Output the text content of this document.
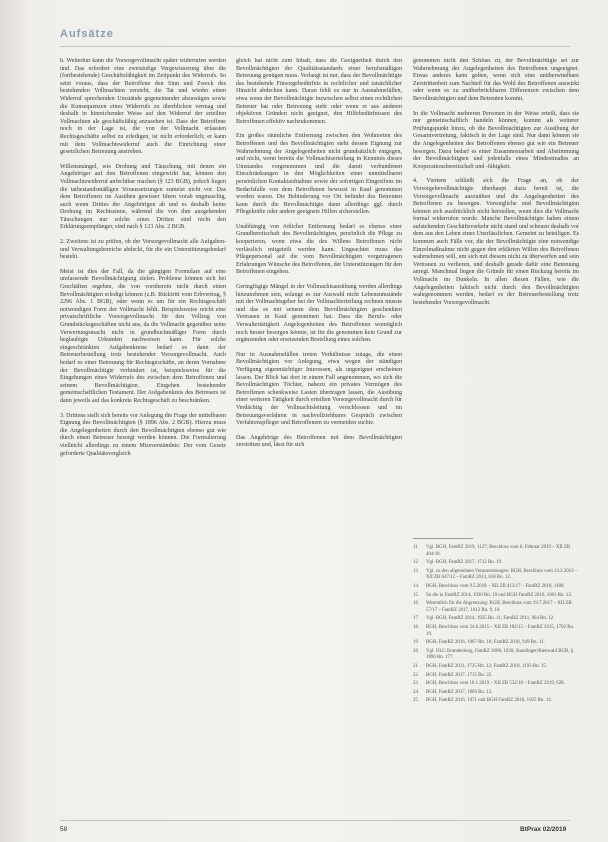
Aufsätze

b. Weiterhin kann die Vorsorgevollmacht später widerrufen werden und. Das erfordert eine zweistufige Vergewisserung über die (fortbestehende) Geschäftsfähigkeit im Zeitpunkt des Widerrufs. So setzt voraus, dass der Betroffene den Sinn und Zweck des bestehenden Vollmachten versteht, die Tat und wieder einen Widerruf sprechenden Umstände gegeneinander abzuwägen sowie die Konsequenzen eines Widerrufs zu überblicken vermag und deshalb in hinreichender Weise auf den Widerruf der erteilten Vollmachten als geschäftsfähig anzusehen ist. Dass der Betroffene noch in der Lage ist, die von der Vollmacht erfassten Rechtsgeschäfte selbst zu erledigen, ist nicht erforderlich; er kann mit dem Vollmachtswiderruf auch die Einrichtung einer gesetzlichen Betreuung anstreben.

Willensmängel, wie Drohung und Täuschung, mit denen ein Angehöriger auf den Betroffenen eingewirkt hat, können den Vollmachtswiderruf anfechtbar machen (§ 123 BGB), jedoch liegen die tatbestandsmäßigen Voraussetzungen zumeist nicht vor. Das dem Betroffenen im Ausüben gewisser Ideen vorab engmaschig, auch wenn Drittes der Angehörigen ab und es deshalb keine Drohung im Rechtssinne, während die von ihm ausgehenden Täuschungen nur solche eines Dritten sind nicht den Erklärungsempfänger, sind nach § 123 Abs. 2 BGB.

2. Zweitens ist zu prüfen, ob der Vorsorgevollmacht alle Aufgaben- und Verwaltungsbereiche abdeckt, für die ein Unterstützungsbedarf besteht.

Meist ist dies der Fall, da die gängigen Formulare auf eine umfassende Bevollmächtigung zielen. Probleme können sich bei Geschäften ergeben, die von vornherein nicht durch einen Bevollmächtigten erledigt können (z.B. Rücktritt vom Erbvertrag, § 2296 Abs. 1 BGB), oder wenn es um für ein Rechtsgeschäft notwendigen Form der Vollmacht fehlt. Beispielsweise reicht eine privatschriftliche Vorsorgevollmacht für den Vollzug von Grundstücksgeschäften nicht aus, da die Vollmacht gegenüber seine Verwertungsmacht nicht in grundbuchmäßiger Form durch beglaubigte Urkunden nachweisen kann. Für solche eingeschränkten Aufgabenkreise bedarf es dann der Betreuerbestellung trotz bestehender Vorsorgevollmacht. Auch bedarf es einer Betreuung für Rechtsgeschäfte, an deren Vornahme der Bevollmächtigte verhindert ist, beispielsweise für die Eingehungen eines Widerrufs des zwischen dem Betroffenen und seinem Bevollmächtigten. Eingehen bestehender gemeinschaftlichen Testament. Der Aufgabenkreis des Betreuers ist dann jeweils auf das konkrete Rechtsgeschäft zu beschränken.

3. Drittens stellt sich bereits vor Anlegung die Frage der mittelbaren Eignung des Bevollmächtigten (§ 1896 Abs. 2 BGB). Hierzu muss die Angelegenheiten durch den Bevollmächtigten ebenso gut wie durch einen Betreuer besorgt werden können. Die Formulierung vielleicht allerdings zu einem Missverständnis: Der vom Gesetz geforderte Qualitätsvergleich

gleich hat nicht zum Inhalt, dass die Geeignetheit durch den Bevollmächtigten der Qualitätsstandards einer berufsmäßigen Betreuung genügen muss. Verlangt ist nur, dass der Bevollmächtigte das bestehende Fürsorgebedürfnis in rechtlicher und tatsächlicher Hinsicht abdecken kann. Daran fehlt es nur in Ausnahmefällen, etwa wenn der Bevollmächtigte inzwischen selbst einen rechtlichen Betreuer hat oder Betreuung steht oder wenn er aus anderen objektiven Gründen nicht geeignet, den Hilfebedürfnissen des Betroffenen effektiv nachzukommen.

Ein großes räumliche Entfernung zwischen den Wohnorten des Betroffenen und des Bevollmächtigten steht dessen Eignung zur Wahrnehmung der Angelegenheiten nicht grundsätzlich entgegen, und nicht, wenn bereits die Vollmachtserteilung in Kenntnis dieses Umstandes vorgenommen und die damit verbundenen Einschränkungen in den Möglichkeiten einer unmittelbaren persönlichen Kontaktaufnahme sowie der sofortigen Eingreifens im Bedarfsfalle von dem Betroffenen bewusst in Kauf genommen worden waren. Die Behinderung vor Ort befindet des Betreuten kann durch die Bevollmächtigte dann allerdings ggf. durch Pflegekräfte oder andere geeignete Hilfen sicherstellen.

Unabhängig von örtlicher Entfernung bedarf es ebenso einer Grundbereitschaft des Bevollmächtigten, persönlich die Pflege zu kooperieren, wenn etwa die des Willens Betroffenen nicht verlässlich mitgeteilt werden kann. Ungeachtet muss das Pflegepersonal auf die vom Bevollmächtigten vorgetragenen Erfahrungen Wünsche des Betroffenen, der Unterstützungen für den Betroffenen eingehen.

Geringfügige Mängel in der Vollmachtsausübung werden allerdings hinzunehmen sein, solange es zur Auswahl nicht Lebensumstände mit der Vollmachtsgeber bei der Vollmachterteilung rechnen musste und das es mit seinem dem Bevollmächtigten geschenkten Vertrauen in Kauf genommen hat. Dass die Berufs- oder Verwaltertätigkeit Angelegenheiten des Betroffenen womöglich noch besser besorgen könnte, ist für die genommen kein Grund zur ergänzenden oder ersetzenden Bestellung eines solchen.

Nur in Ausnahmefällen treten Verhältnisse zutage, die einen Bevollmächtigten vor Anlegung, etwa wegen der ständigen Verfügung eigenmächtiger Interessen, als ungeeignet erscheinen lassen. Der Blick hat dort in einem Fall angenommen, wo sich die Bevollmächtigten Töchter, nahezu ein privates Vermögen des Betroffenen schenkweise Lasten übertragen lassen, die Ausübung einer weiteren Tätigkeit durch erteilten Vorsorgevollmacht durch für Verdächtig der Vollmachtsleitung verschlossen und im Betreuungsverfahren in nachvollziehbares Gespräch zwischen Verfahrenspfleger und Betroffenem zu vermeiden suchte.

Das Angehörige des Betroffenen mit dem Bevollmächtigten zerstritten und, lässt für sich

genommen nicht den Schluss zu, der Bevollmächtigte sei zur Wahrnehmung der Angelegenheiten des Betroffenen ungeeignet. Etwas anderes kann gelten, wenn sich eine unüberwindbare Zerstrittenheit zum Nachteil für das Wohl des Betroffenen auswirkt oder wenn es zu unüberbrückbaren Differenzen zwischen dem Bevollmächtigten und dem Betreuten kommt.

In die Vollmacht mehreren Personen in der Weise erteilt, dass sie nur gemeinschaftlich handeln können, kommt als weiterer Prüfungspunkt hinzu, ob die Bevollmächtigten zur Ausübung der Gesamtvertretung, faktisch in der Lage sind. Nur dann können sie die Angelegenheiten des Betroffenen ebenso gut wie ein Betreuer besorgen. Dazu bedarf es einer Zusammenarbeit und Abstimmung der Bevollmächtigten und jedenfalls eines Mindestmaßes an Kooperationsbereitschaft und -fähigkeit.

4. Viertens schließt sich die Frage an, ob der Vorsorgebevollmächtigte überhaupt dazu bereit ist, die Vorsorgevollmacht auszuüben und die Angelegenheiten des Betroffenen zu besorgen. Vorsorgliche und Bevollmächtigten können sich ausdrücklich nicht herstellen, wenn dies die Vollmacht formal widerrufen wurde. Manche Bevollmächtigte haben einem aufstehenden Geschäftsverkehr nicht stand und scheuen deshalb vor dem aus den Leben eines Unerlässlichen. Gemeint zu beteiligen. Es kommen auch Fälle vor, die der Bevollmächtigte eine notwendige Einzelmaßnahme nicht gegen den erklärten Willen des Betroffenen wahrnehmen will, um sich mit diesem nicht zu überwerfen und sein Vertrauen zu verlieren, und deshalb gerade dafür eine Betreuung anregt. Manchmal liegen die Gründe für einen Rückzug bereits im Vollmacht im Dunkeln. In allen diesen Fällen, wie die Angelegenheiten faktisch nicht durch den Bevollmächtigten wahrgenommen werden, bedarf es der Betreuerbestellung trotz bestehender Vorsorgevollmacht.

11	Vgl. BGH, FamRZ 2019, 1127; Beschluss vom 6. Februar 2019 – XII ZB 404/18.
12	Vgl. BGH, FamRZ 2017, 1712 Rn. 19.
13	Vgl. zu den allgemeinen Voraussetzungen: BGH, Beschluss vom 13.2.2013 – XII ZB 647/12 – FamRZ 2013, 618 Rn. 12.
14	BGH, Beschluss vom 9.5.2018 – XII ZB 413/17 – FamRZ 2018, 1188.
15	So die in FamRZ 2014, 1930 Rn. 19 und BGH FamRZ 2016, 1061 Rn. 13.
16	Wesentlich für die Abgrenzung: BGH, Beschluss vom 19.7.2017 – XII ZB 57/17 – FamRZ 2017, 1612 Rn. 9, 10.
17	Vgl. BGH, FamRZ 2014, 1925 Rn. 11; FamRZ 2011, 964 Rn. 12.
18	BGH, Beschluss vom 24.6.2015 – XII ZB 182/15 – FamRZ 2015, 1702 Rn. 10.
19	BGH, FamRZ 2016, 1067 Rn. 10; FamRZ 2018, 949 Rn. 11.
20	Vgl. OLG Brandenburg, FamRZ 2008, 1030; Staudinger/Bienwald BGB, § 1896 Rn. 177.
21	BGH, FamRZ 2011, 1725 Rn. 12; FamRZ 2018, 1193 Rn. 15.
22	BGH, FamRZ 2017, 1715 Rn. 22.
23	BGH, Beschluss vom 16.1.2019 – XII ZB 532/18 – FamRZ 2019, 628.
24	BGH, FamRZ 2017, 1866 Rn. 13.
25	BGH, FamRZ 2016, 1071 und BGH FamRZ 2018, 1025 Rn. 14.
58	BtPrax 02/2019
